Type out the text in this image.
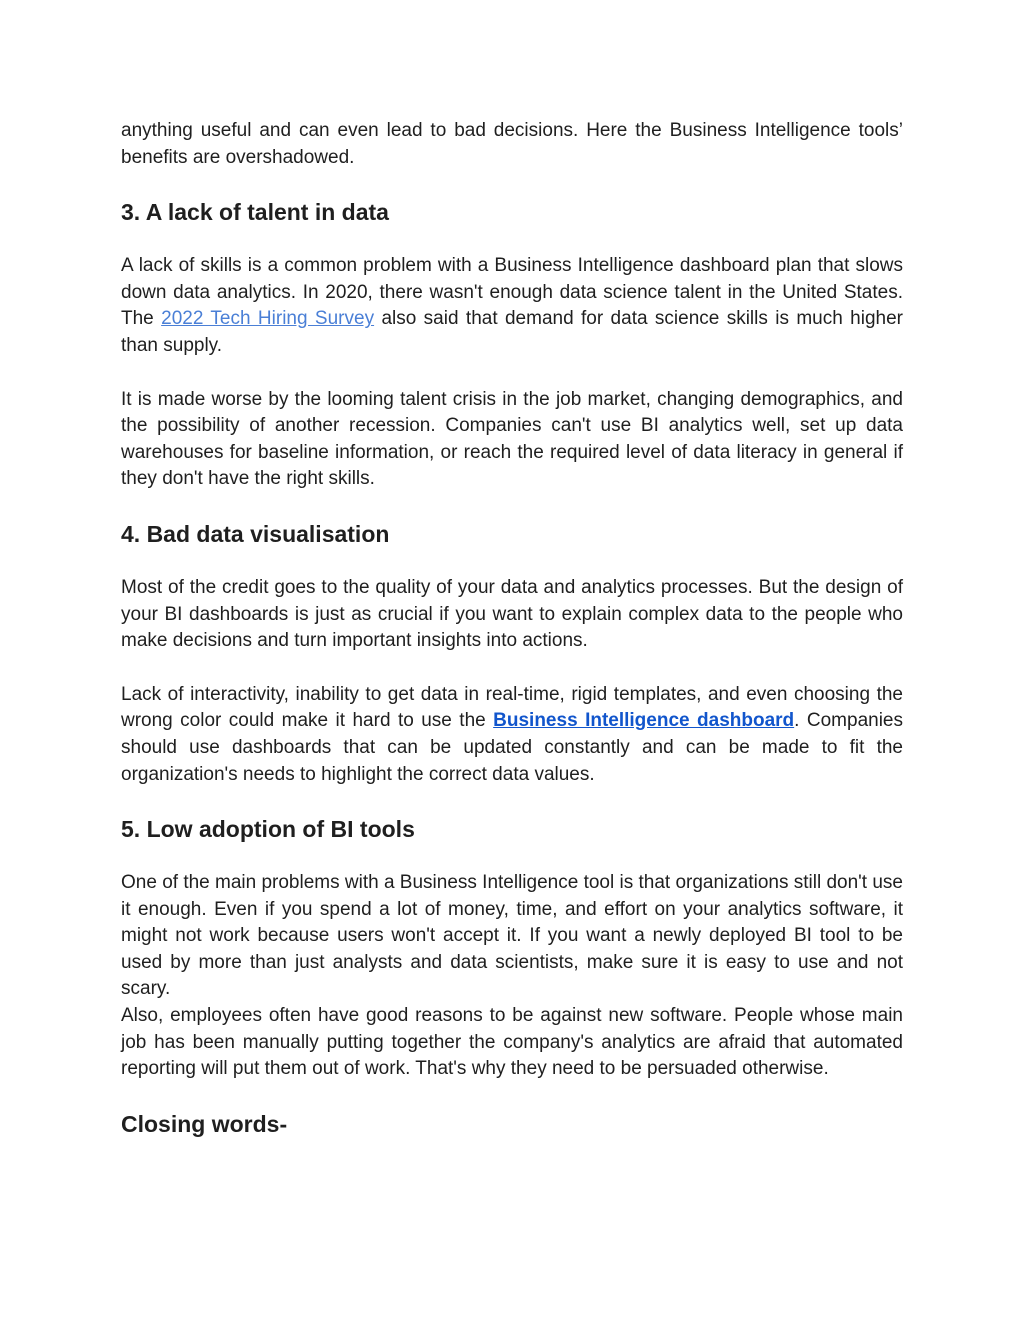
anything useful and can even lead to bad decisions. Here the Business Intelligence tools’ benefits are overshadowed.

3. A lack of talent in data

A lack of skills is a common problem with a Business Intelligence dashboard plan that slows down data analytics. In 2020, there wasn't enough data science talent in the United States. The 2022 Tech Hiring Survey also said that demand for data science skills is much higher than supply.

It is made worse by the looming talent crisis in the job market, changing demographics, and the possibility of another recession. Companies can't use BI analytics well, set up data warehouses for baseline information, or reach the required level of data literacy in general if they don't have the right skills.

4. Bad data visualisation

Most of the credit goes to the quality of your data and analytics processes. But the design of your BI dashboards is just as crucial if you want to explain complex data to the people who make decisions and turn important insights into actions.

Lack of interactivity, inability to get data in real-time, rigid templates, and even choosing the wrong color could make it hard to use the Business Intelligence dashboard. Companies should use dashboards that can be updated constantly and can be made to fit the organization's needs to highlight the correct data values.

5. Low adoption of BI tools

One of the main problems with a Business Intelligence tool is that organizations still don't use it enough. Even if you spend a lot of money, time, and effort on your analytics software, it might not work because users won't accept it. If you want a newly deployed BI tool to be used by more than just analysts and data scientists, make sure it is easy to use and not scary.

Also, employees often have good reasons to be against new software. People whose main job has been manually putting together the company's analytics are afraid that automated reporting will put them out of work. That's why they need to be persuaded otherwise.

Closing words-
